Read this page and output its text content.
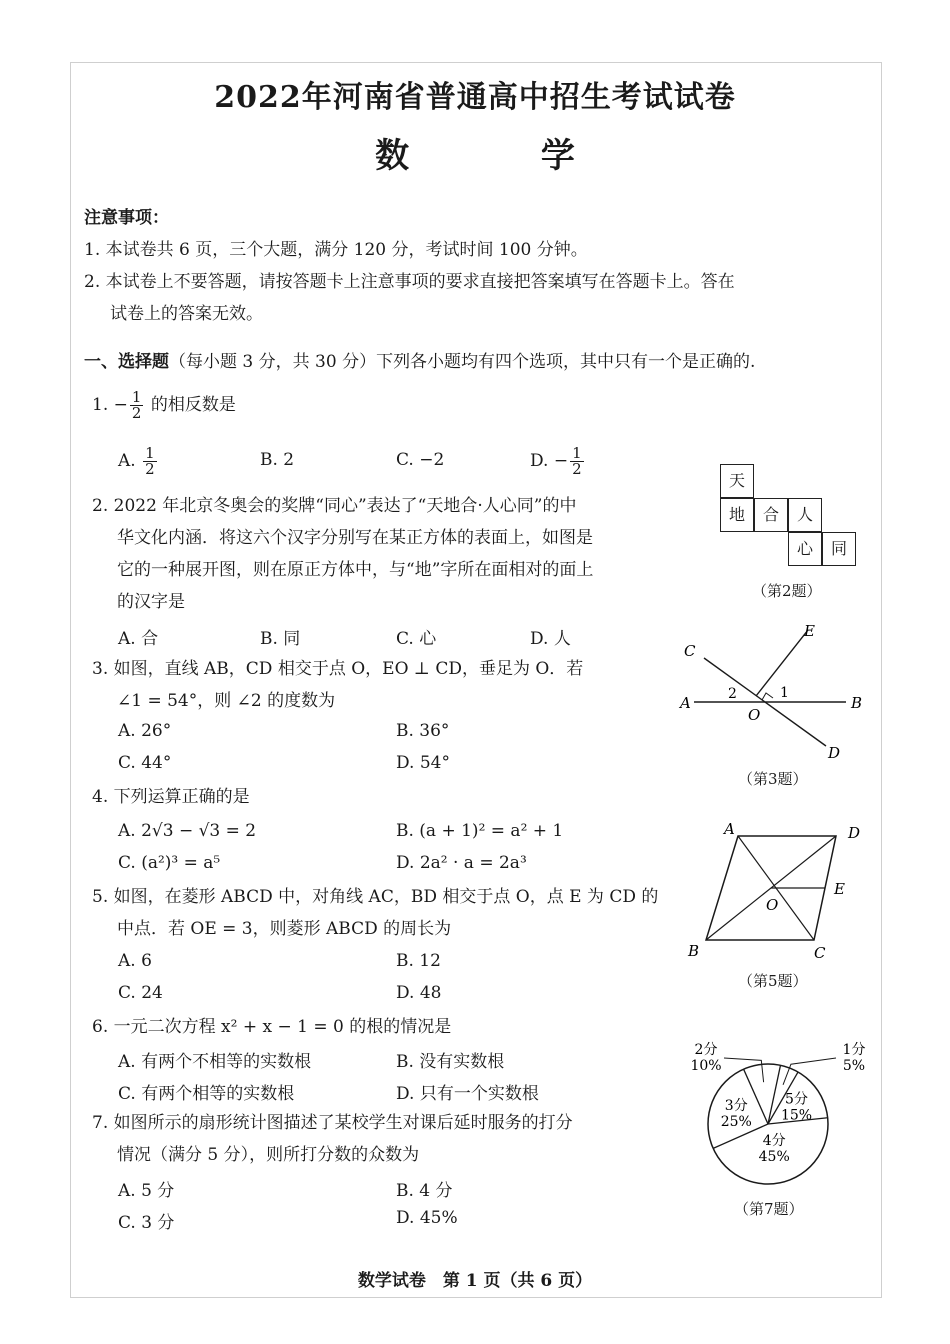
2022年河南省普通高中招生考试试卷
数 学
注意事项：
1. 本试卷共 6 页，三个大题，满分 120 分，考试时间 100 分钟。
2. 本试卷上不要答题，请按答题卡上注意事项的要求直接把答案填写在答题卡上。答在
试卷上的答案无效。
一、选择题（每小题 3 分，共 30 分）下列各小题均有四个选项，其中只有一个是正确的.
1. − $\frac{1}{2}$ 的相反数是
A. $\frac{1}{2}$	B. 2	C. −2	D. − $\frac{1}{2}$
2. 2022 年北京冬奥会的奖牌“同心”表达了“天地合·人心同”的中
华文化内涵．将这六个汉字分别写在某正方体的表面上，如图是
它的一种展开图，则在原正方体中，与“地”字所在面相对的面上
的汉字是
A. 合	B. 同	C. 心	D. 人
天
地	合	人
心	同
（第2题）
3. 如图，直线 AB，CD 相交于点 O，EO ⊥ CD，垂足为 O．若
∠1 = 54°，则 ∠2 的度数为
A. 26°	B. 36°
C. 44°	D. 54°
A	B
C
D
E
O
1
2
（第3题）
4. 下列运算正确的是
A. 2√3 − √3 = 2	B. (a + 1)² = a² + 1
C. (a²)³ = a⁵	D. 2a² · a = 2a³
5. 如图，在菱形 ABCD 中，对角线 AC，BD 相交于点 O，点 E 为 CD 的
中点．若 OE = 3，则菱形 ABCD 的周长为
A. 6	B. 12
C. 24	D. 48
A	D
B	C
E
O
（第5题）
6. 一元二次方程 x² + x − 1 = 0 的根的情况是
A. 有两个不相等的实数根	B. 没有实数根
C. 有两个相等的实数根	D. 只有一个实数根
7. 如图所示的扇形统计图描述了某校学生对课后延时服务的打分
情况（满分 5 分），则所打分数的众数为
A. 5 分	B. 4 分
C. 3 分	D. 45%
1分
5%
5分
15%
4分
45%
3分
25%
2分
10%
（第7题）
数学试卷　第 1 页（共 6 页）
